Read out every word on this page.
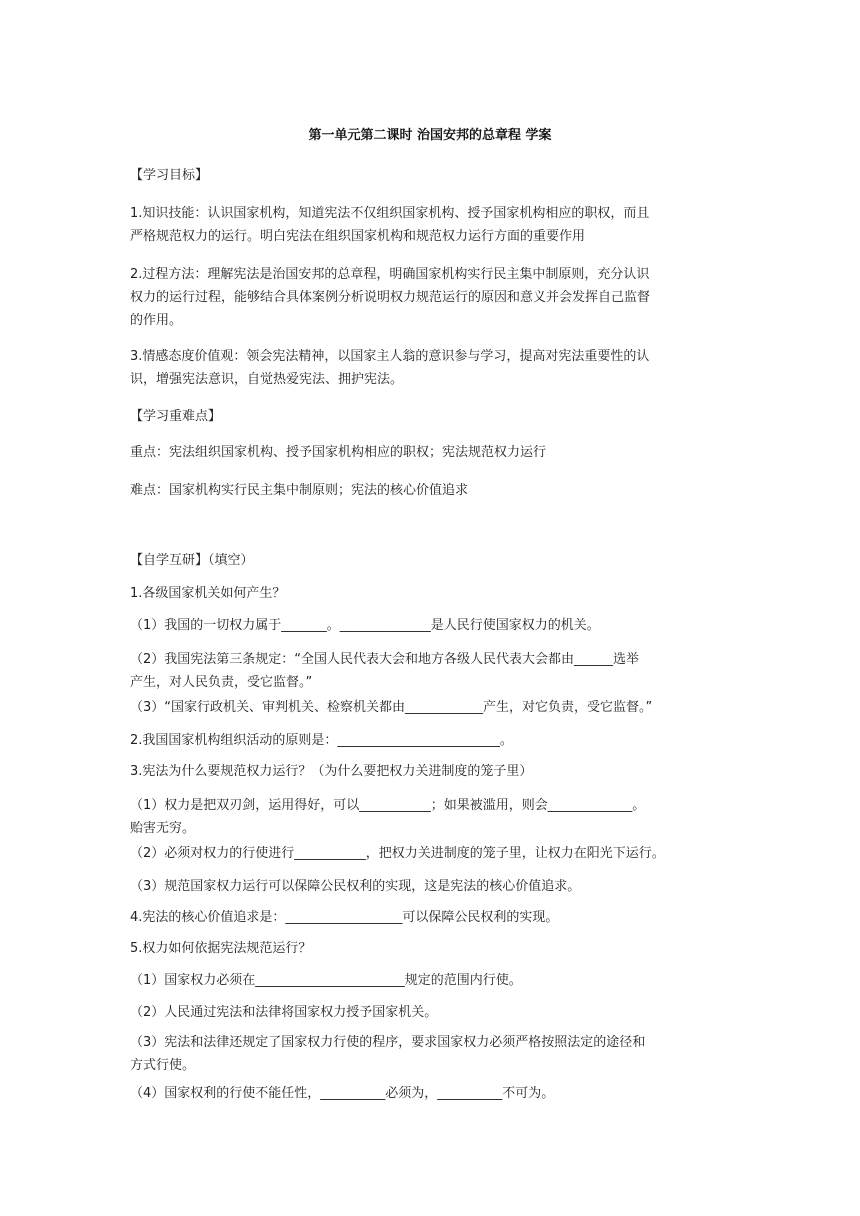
第一单元第二课时 治国安邦的总章程 学案
【学习目标】
1.知识技能：认识国家机构，知道宪法不仅组织国家机构、授予国家机构相应的职权，而且
严格规范权力的运行。明白宪法在组织国家机构和规范权力运行方面的重要作用
2.过程方法：理解宪法是治国安邦的总章程，明确国家机构实行民主集中制原则，充分认识
权力的运行过程，能够结合具体案例分析说明权力规范运行的原因和意义并会发挥自己监督
的作用。
3.情感态度价值观：领会宪法精神，以国家主人翁的意识参与学习，提高对宪法重要性的认
识，增强宪法意识，自觉热爱宪法、拥护宪法。
【学习重难点】
重点：宪法组织国家机构、授予国家机构相应的职权；宪法规范权力运行
难点：国家机构实行民主集中制原则；宪法的核心价值追求
【自学互研】（填空）
1.各级国家机关如何产生？
（1）我国的一切权力属于_______。______________是人民行使国家权力的机关。
（2）我国宪法第三条规定：“全国人民代表大会和地方各级人民代表大会都由______选举
产生，对人民负责，受它监督。”
（3）“国家行政机关、审判机关、检察机关都由____________产生，对它负责，受它监督。”
2.我国国家机构组织活动的原则是：_________________________。
3.宪法为什么要规范权力运行？（为什么要把权力关进制度的笼子里）
（1）权力是把双刃剑，运用得好，可以___________；如果被滥用，则会_____________。
贻害无穷。
（2）必须对权力的行使进行___________，把权力关进制度的笼子里，让权力在阳光下运行。
（3）规范国家权力运行可以保障公民权利的实现，这是宪法的核心价值追求。
4.宪法的核心价值追求是：__________________可以保障公民权利的实现。
5.权力如何依据宪法规范运行？
（1）国家权力必须在_______________________规定的范围内行使。
（2）人民通过宪法和法律将国家权力授予国家机关。
（3）宪法和法律还规定了国家权力行使的程序，要求国家权力必须严格按照法定的途径和
方式行使。
（4）国家权利的行使不能任性，__________必须为，__________不可为。
